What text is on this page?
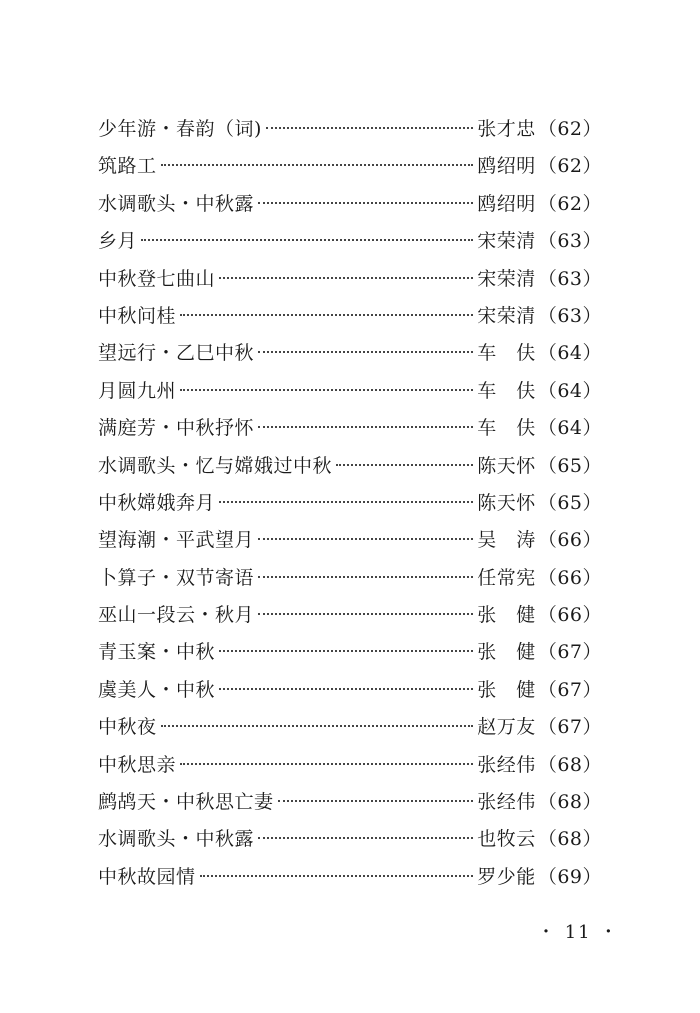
少年游・春韵（词)	张才忠 （62）
筑路工	鸥绍明 （62）
水调歌头・中秋露	鸥绍明 （62）
乡月	宋荣清 （63）
中秋登七曲山	宋荣清 （63）
中秋问桂	宋荣清 （63）
望远行・乙巳中秋	车　伕 （64）
月圆九州	车　伕 （64）
满庭芳・中秋抒怀	车　伕 （64）
水调歌头・忆与嫦娥过中秋	陈天怀 （65）
中秋嫦娥奔月	陈天怀 （65）
望海潮・平武望月	吴　涛 （66）
卜算子・双节寄语	任常宪 （66）
巫山一段云・秋月	张　健 （66）
青玉案・中秋	张　健 （67）
虞美人・中秋	张　健 （67）
中秋夜	赵万友 （67）
中秋思亲	张经伟 （68）
鹧鸪天・中秋思亡妻	张经伟 （68）
水调歌头・中秋露	也牧云 （68）
中秋故园情	罗少能 （69）
・ 11 ・
